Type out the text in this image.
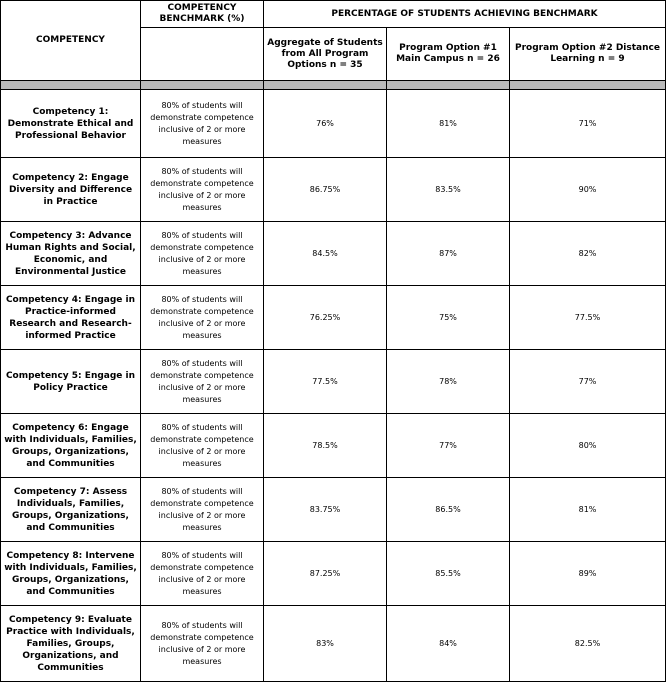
COMPETENCY	COMPETENCY BENCHMARK (%)	PERCENTAGE OF STUDENTS ACHIEVING BENCHMARK		
		Aggregate of Students from All Program Options n = 35	Program Option #1 Main Campus n = 26	Program Option #2 Distance Learning n = 9

Competency 1: Demonstrate Ethical and Professional Behavior	80% of students will demonstrate competence inclusive of 2 or more measures	76%	81%	71%
Competency 2: Engage Diversity and Difference in Practice	80% of students will demonstrate competence inclusive of 2 or more measures	86.75%	83.5%	90%
Competency 3: Advance Human Rights and Social, Economic, and Environmental Justice	80% of students will demonstrate competence inclusive of 2 or more measures	84.5%	87%	82%
Competency 4: Engage in Practice-informed Research and Research-informed Practice	80% of students will demonstrate competence inclusive of 2 or more measures	76.25%	75%	77.5%
Competency 5: Engage in Policy Practice	80% of students will demonstrate competence inclusive of 2 or more measures	77.5%	78%	77%
Competency 6: Engage with Individuals, Families, Groups, Organizations, and Communities	80% of students will demonstrate competence inclusive of 2 or more measures	78.5%	77%	80%
Competency 7: Assess Individuals, Families, Groups, Organizations, and Communities	80% of students will demonstrate competence inclusive of 2 or more measures	83.75%	86.5%	81%
Competency 8: Intervene with Individuals, Families, Groups, Organizations, and Communities	80% of students will demonstrate competence inclusive of 2 or more measures	87.25%	85.5%	89%
Competency 9: Evaluate Practice with Individuals, Families, Groups, Organizations, and Communities	80% of students will demonstrate competence inclusive of 2 or more measures	83%	84%	82.5%
